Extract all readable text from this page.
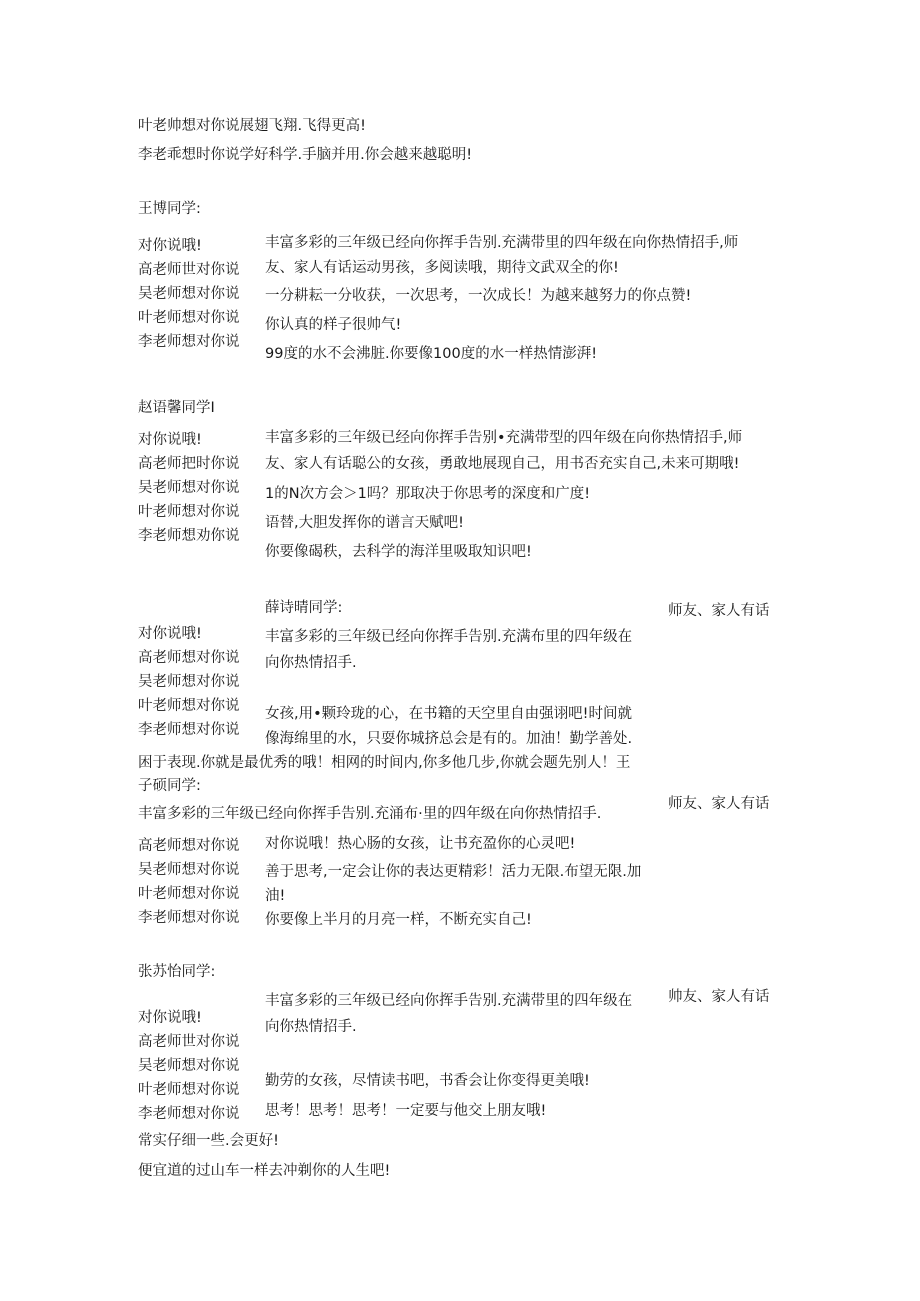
叶老帅想对你说展翅飞翔.飞得更高!
李老乖想时你说学好科学.手脑并用.你会越来越聪明!
王博同学:
对你说哦!
高老师世对你说
吴老师想对你说
叶老师想对你说
李老师想对你说
丰富多彩的三年级已经向你挥手告别.充满带里的四年级在向你热情招手,师
友、家人有话运动男孩，多阅读哦，期待文武双全的你!
一分耕耘一分收获，一次思考，一次成长！为越来越努力的你点赞!
你认真的样子很帅气!
99度的水不会沸脏.你要像100度的水一样热情澎湃!
赵语馨同学I
对你说哦!
高老师把时你说
吴老师想对你说
叶老师想对你说
李老师想劝你说
丰富多彩的三年级已经向你挥手告别•充满带型的四年级在向你热情招手,师
友、家人有话聪公的女孩，勇敢地展现自己，用书否充实自己,未来可期哦!
1的N次方会＞1吗？那取决于你思考的深度和广度!
语替,大胆发挥你的谱言天赋吧!
你要像碣秩，去科学的海洋里吸取知识吧!
薛诗晴同学:	师友、家人有话
对你说哦!
高老师想对你说
吴老师想对你说
叶老师想对你说
李老师想对你说
丰富多彩的三年级已经向你挥手告别.充满布里的四年级在
向你热情招手.
女孩,用•颗玲珑的心，在书籍的天空里自由强诩吧!时间就
像海绵里的水，只耍你城挤总会是有的。加油！勤学善处.
困于表现.你就是最优秀的哦！相网的时间内,你多他几步,你就会题先别人！王
子硕同学:
师友、家人有话
丰富多彩的三年级已经向你挥手告别.充涌布·里的四年级在向你热情招手.
高老师想对你说
吴老师想对你说
叶老师想对你说
李老师想对你说
对你说哦！热心肠的女孩，让书充盈你的心灵吧!
善于思考,一定会让你的表达更精彩！活力无限.布望无限.加
油!
你要像上半月的月亮一样，不断充实自己!
张苏怡同学:
帅友、家人有话
丰富多彩的三年级已经向你挥手告别.充满带里的四年级在
向你热情招手.
对你说哦!
高老师世对你说
吴老师想对你说
叶老师想对你说
李老师想对你说
勤劳的女孩，尽情读书吧，书香会让你变得更美哦!
思考！思考！思考！一定要与他交上朋友哦!
常实仔细一些.会更好!
便宜道的过山车一样去冲剃你的人生吧!
